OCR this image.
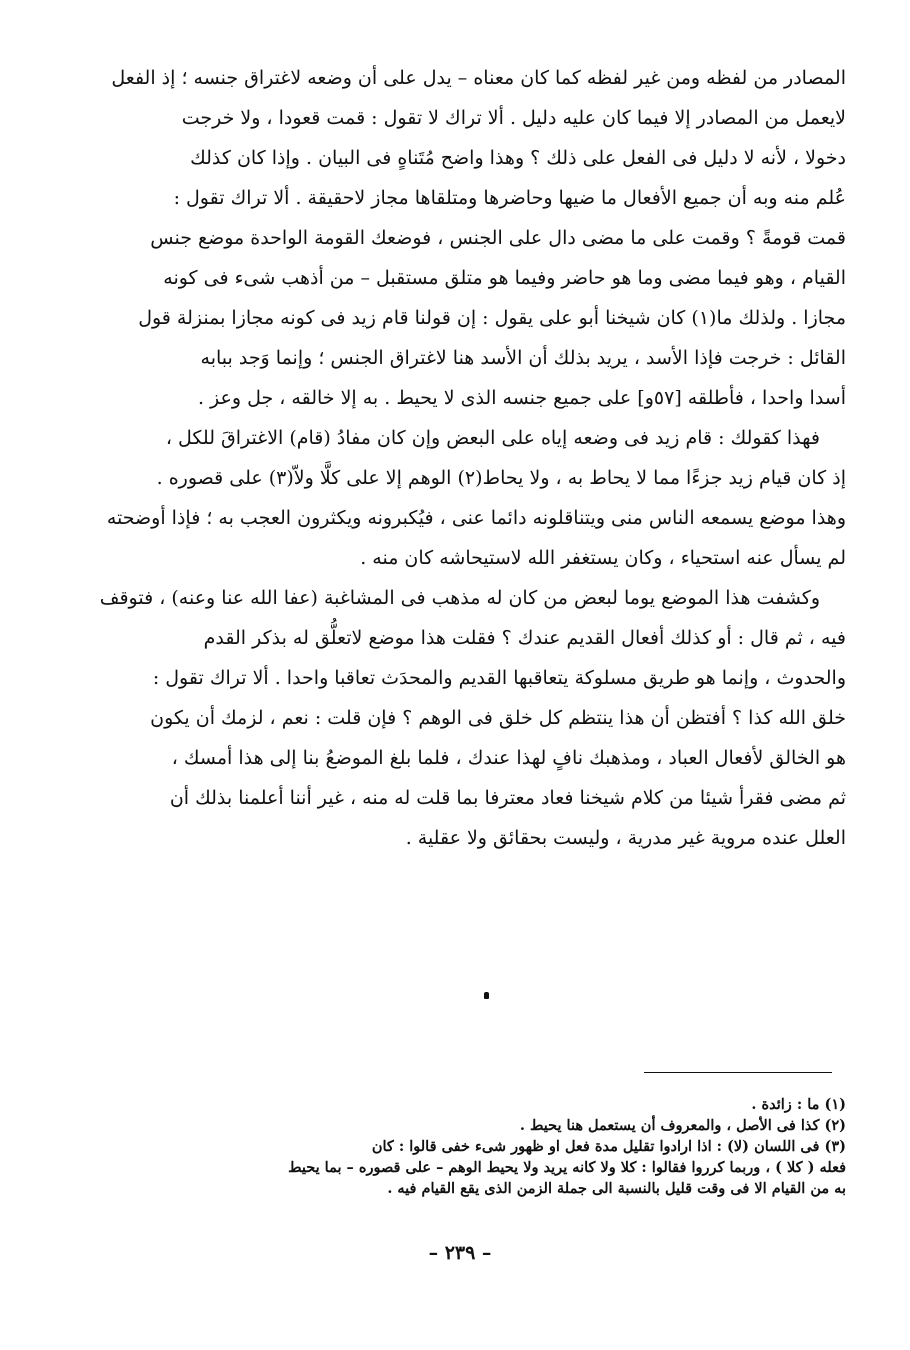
المصادر من لفظه ومن غير لفظه كما كان معناه – يدل على أن وضعه لاغتراق جنسه ؛ إذ الفعل
لايعمل من المصادر إلا فيما كان عليه دليل . ألا تراك لا تقول : قمت قعودا ، ولا خرجت
دخولا ، لأنه لا دليل فى الفعل على ذلك ؟ وهذا واضح مُتَناهٍ فى البيان . وإذا كان كذلك
عُلم منه وبه أن جميع الأفعال ما ضيها وحاضرها ومتلقاها مجاز لاحقيقة . ألا تراك تقول :
قمت قومةً ؟ وقمت على ما مضى دال على الجنس ، فوضعك القومة الواحدة موضع جنس
القيام ، وهو فيما مضى وما هو حاضر وفيما هو متلق مستقبل – من أذهب شىء فى كونه
مجازا . ولذلك ما(١) كان شيخنا أبو على يقول : إن قولنا قام زيد فى كونه مجازا بمنزلة قول
القائل : خرجت فإذا الأسد ، يريد بذلك أن الأسد هنا لاغتراق الجنس ؛ وإنما وَجد ببابه
أسدا واحدا ، فأطلقه [٥٧و] على جميع جنسه الذى لا يحيط . به إلا خالقه ، جل وعز .
فهذا كقولك : قام زيد فى وضعه إياه على البعض وإن كان مفادُ (قام) الاغتراقَ للكل ،
إذ كان قيام زيد جزءًا مما لا يحاط به ، ولا يحاط(٢) الوهم إلا على كلَّا ولاّ(٣) على قصوره .
وهذا موضع يسمعه الناس منى ويتناقلونه دائما عنى ، فيُكبرونه ويكثرون العجب به ؛ فإذا أوضحته
لم يسأل عنه استحياء ، وكان يستغفر الله لاستيحاشه كان منه .
وكشفت هذا الموضع يوما لبعض من كان له مذهب فى المشاغبة (عفا الله عنا وعنه) ، فتوقف
فيه ، ثم قال : أو كذلك أفعال القديم عندك ؟ فقلت هذا موضع لاتعلُّق له بذكر القدم
والحدوث ، وإنما هو طريق مسلوكة يتعاقبها القديم والمحدَث تعاقبا واحدا . ألا تراك تقول :
خلق الله كذا ؟ أفتظن أن هذا ينتظم كل خلق فى الوهم ؟ فإن قلت : نعم ، لزمك أن يكون
هو الخالق لأفعال العباد ، ومذهبك نافٍ لهذا عندك ، فلما بلغ الموضعُ بنا إلى هذا أمسك ،
ثم مضى فقرأ شيئا من كلام شيخنا فعاد معترفا بما قلت له منه ، غير أننا أعلمنا بذلك أن
العلل عنده مروية غير مدرية ، وليست بحقائق ولا عقلية .
(١) ما : زائدة .
(٢) كذا فى الأصل ، والمعروف أن يستعمل هنا يحيط .
(٣) فى اللسان (لا) : اذا ارادوا تقليل مدة فعل او ظهور شىء خفى قالوا : كان
فعله ( كلا ) ، وربما كرروا فقالوا : كلا ولا كانه يريد ولا يحيط الوهم – على قصوره – بما يحيط
به من القيام الا فى وقت قليل بالنسبة الى جملة الزمن الذى يقع القيام فيه .
– ٢٣٩ –
